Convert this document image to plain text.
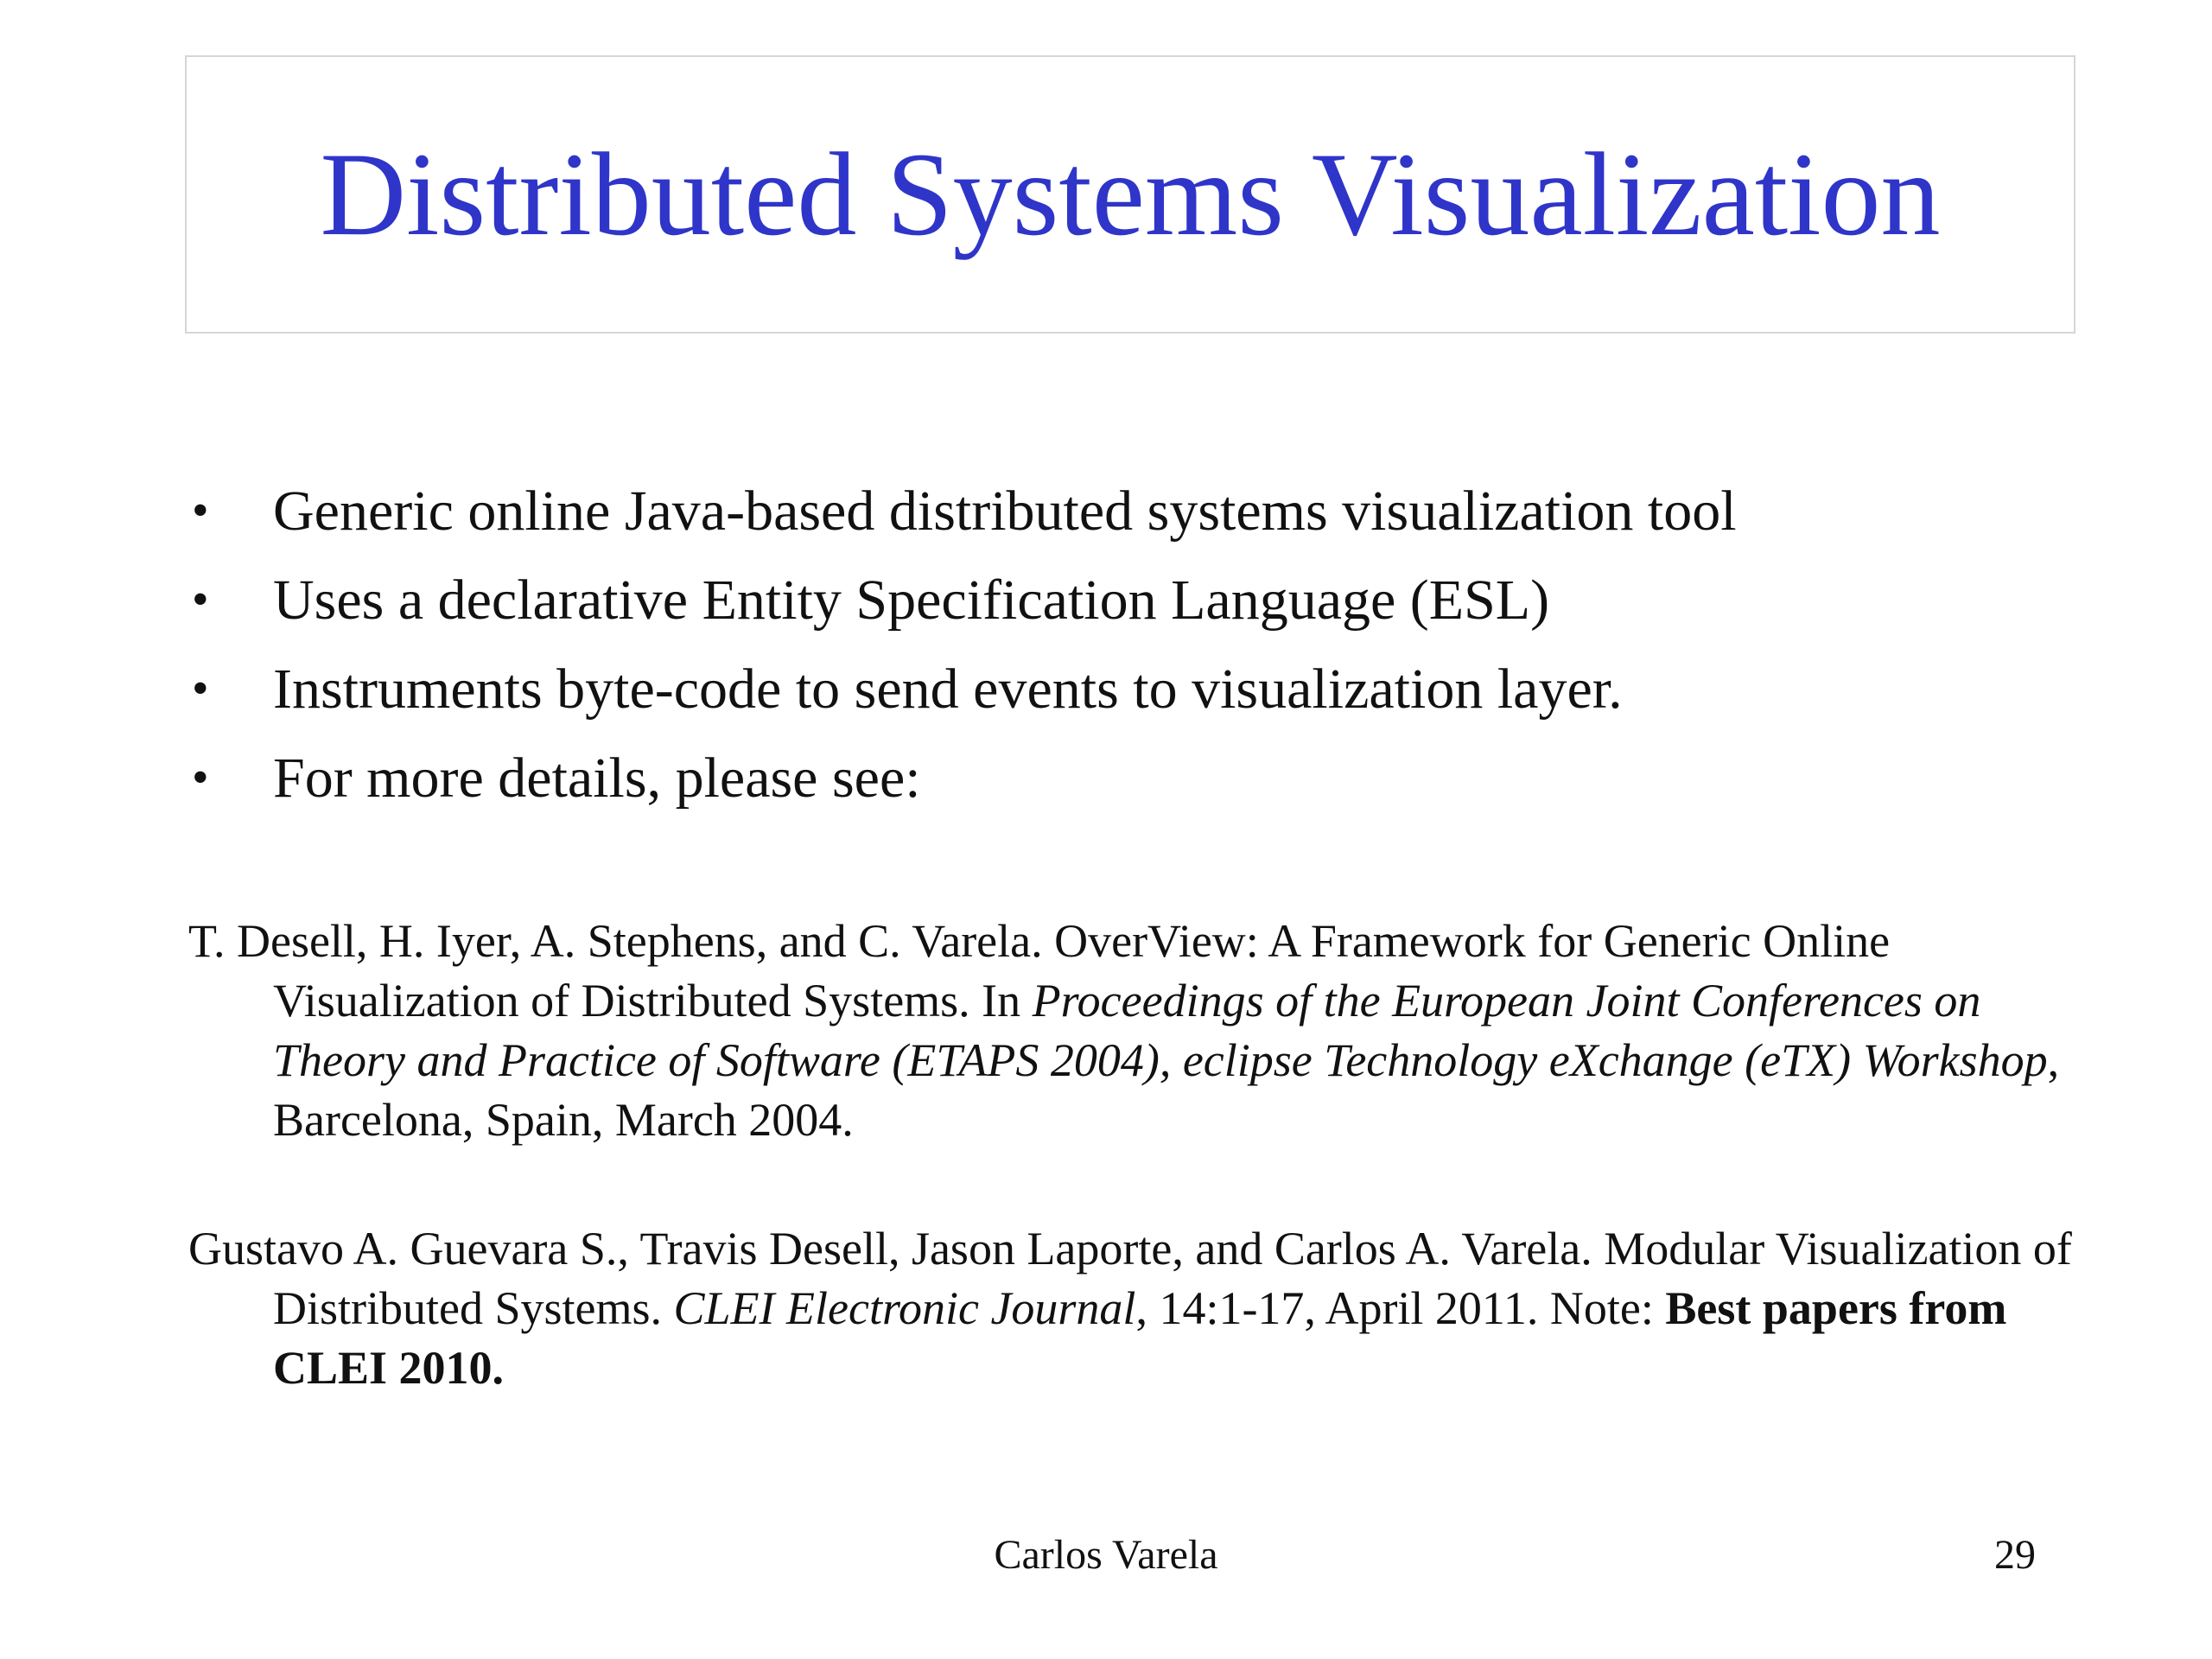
Distributed Systems Visualization
• Generic online Java-based distributed systems visualization tool
• Uses a declarative Entity Specification Language (ESL)
• Instruments byte-code to send events to visualization layer.
• For more details, please see:

T. Desell, H. Iyer, A. Stephens, and C. Varela. OverView: A Framework for Generic Online Visualization of Distributed Systems. In Proceedings of the European Joint Conferences on Theory and Practice of Software (ETAPS 2004), eclipse Technology eXchange (eTX) Workshop, Barcelona, Spain, March 2004.

Gustavo A. Guevara S., Travis Desell, Jason Laporte, and Carlos A. Varela. Modular Visualization of Distributed Systems. CLEI Electronic Journal, 14:1-17, April 2011. Note: Best papers from CLEI 2010.

Carlos Varela	29
